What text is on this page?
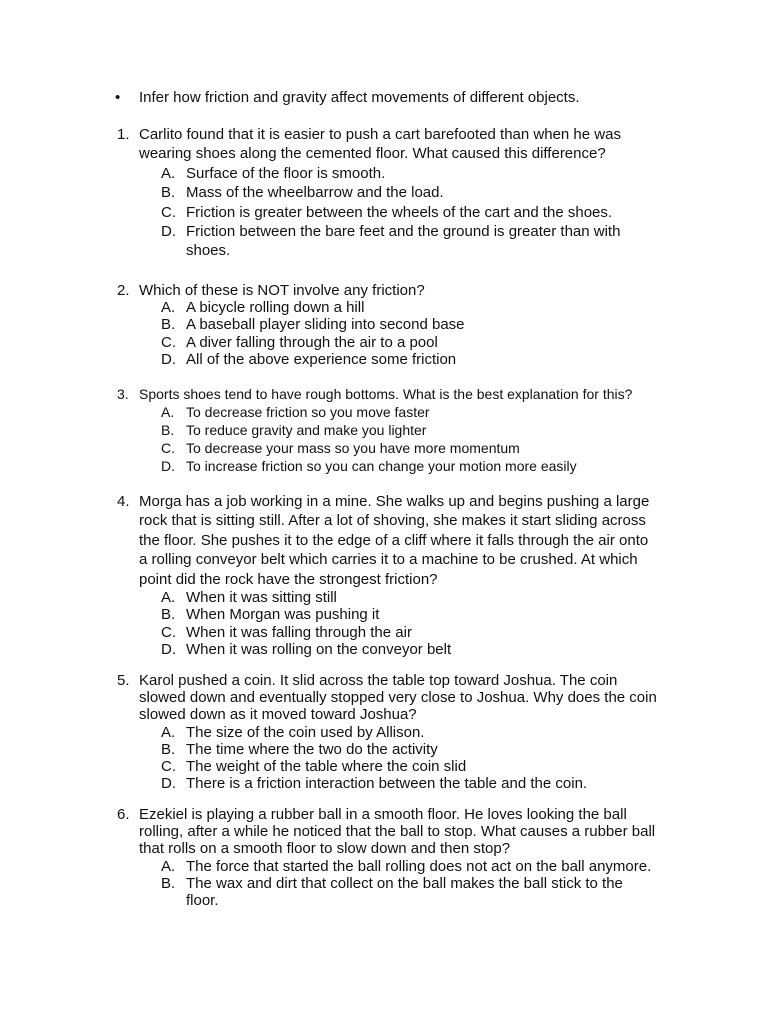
• Infer how friction and gravity affect movements of different objects.
1. Carlito found that it is easier to push a cart barefooted than when he was wearing shoes along the cemented floor. What caused this difference?
A. Surface of the floor is smooth.
B. Mass of the wheelbarrow and the load.
C. Friction is greater between the wheels of the cart and the shoes.
D. Friction between the bare feet and the ground is greater than with shoes.
2. Which of these is NOT involve any friction?
A. A bicycle rolling down a hill
B. A baseball player sliding into second base
C. A diver falling through the air to a pool
D. All of the above experience some friction
3. Sports shoes tend to have rough bottoms. What is the best explanation for this?
A. To decrease friction so you move faster
B. To reduce gravity and make you lighter
C. To decrease your mass so you have more momentum
D. To increase friction so you can change your motion more easily
4. Morga has a job working in a mine. She walks up and begins pushing a large rock that is sitting still. After a lot of shoving, she makes it start sliding across the floor. She pushes it to the edge of a cliff where it falls through the air onto a rolling conveyor belt which carries it to a machine to be crushed. At which point did the rock have the strongest friction?
A. When it was sitting still
B. When Morgan was pushing it
C. When it was falling through the air
D. When it was rolling on the conveyor belt
5. Karol pushed a coin. It slid across the table top toward Joshua. The coin slowed down and eventually stopped very close to Joshua. Why does the coin slowed down as it moved toward Joshua?
A. The size of the coin used by Allison.
B. The time where the two do the activity
C. The weight of the table where the coin slid
D. There is a friction interaction between the table and the coin.
6. Ezekiel is playing a rubber ball in a smooth floor. He loves looking the ball rolling, after a while he noticed that the ball to stop. What causes a rubber ball that rolls on a smooth floor to slow down and then stop?
A. The force that started the ball rolling does not act on the ball anymore.
B. The wax and dirt that collect on the ball makes the ball stick to the floor.
